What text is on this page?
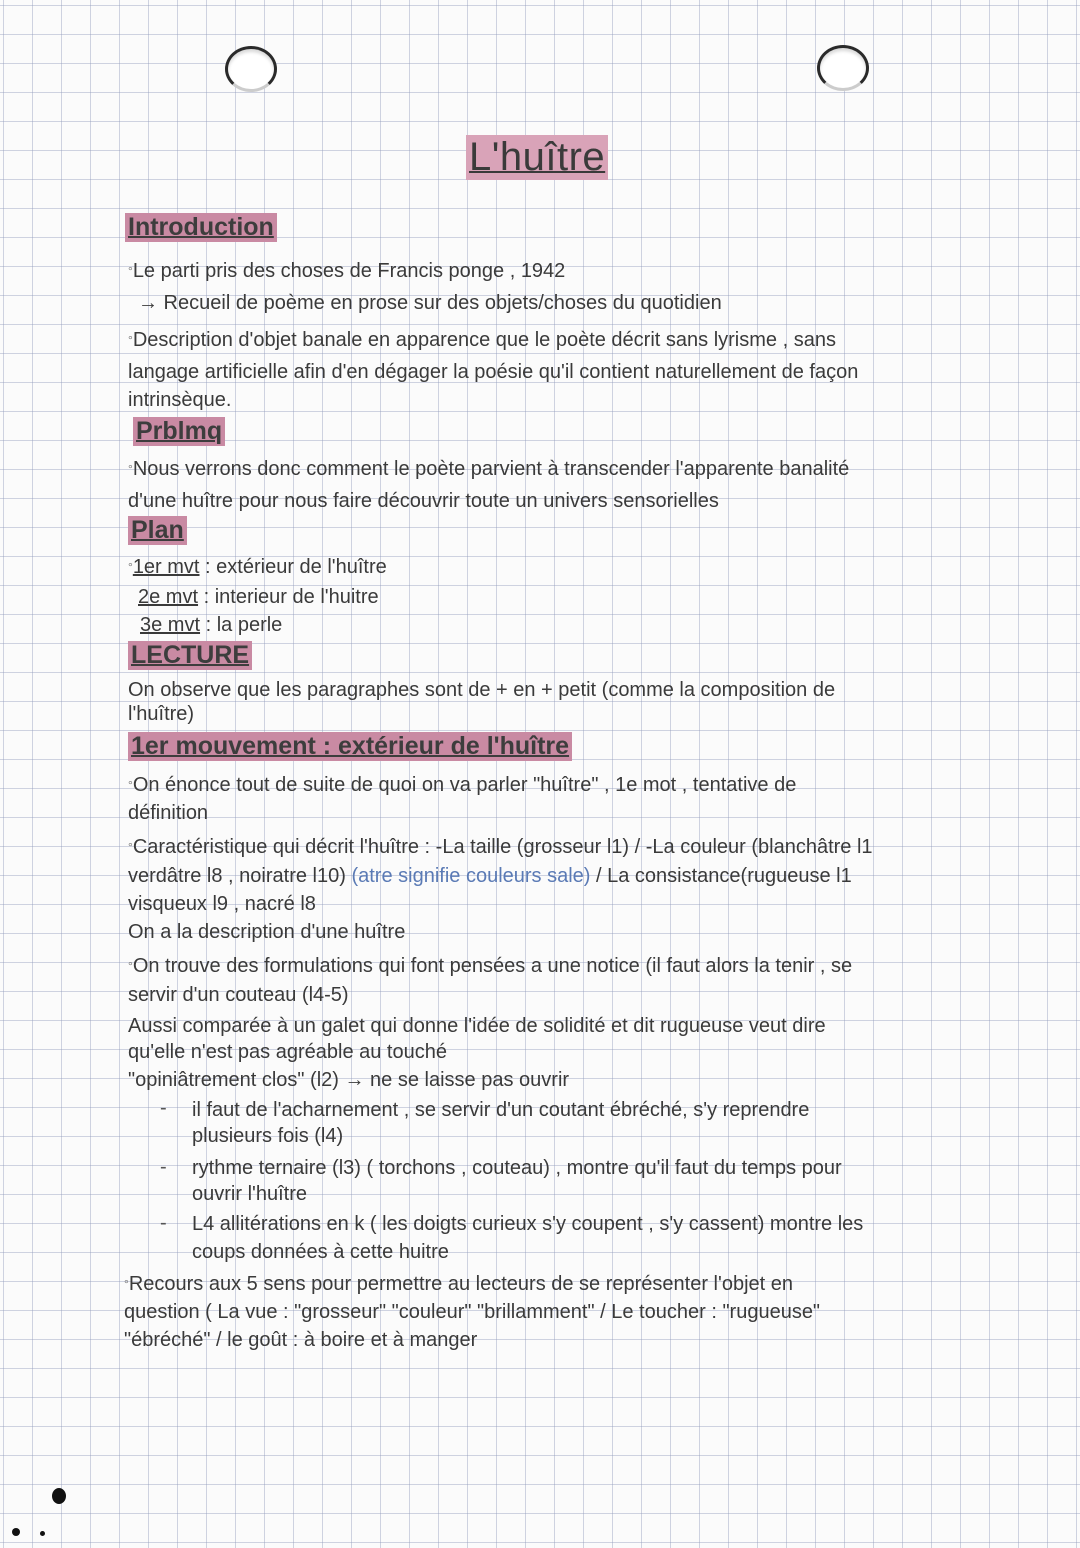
L'huître
Introduction
°Le parti pris des choses de Francis ponge , 1942
→ Recueil de poème en prose sur des objets/choses du quotidien
°Description d'objet banale en apparence que le poète décrit sans lyrisme , sans
langage artificielle afin d'en dégager la poésie qu'il contient naturellement de façon
intrinsèque.
Prblmq
°Nous verrons donc comment le poète parvient à transcender l'apparente banalité
d'une huître pour nous faire découvrir toute un univers sensorielles
Plan
°1er mvt : extérieur de l'huître
2e mvt : interieur de l'huitre
3e mvt : la perle
LECTURE
On observe que les paragraphes sont de + en + petit (comme la composition de
l'huître)
1er mouvement : extérieur de l'huître
°On énonce tout de suite de quoi on va parler "huître" , 1e mot , tentative de
définition
°Caractéristique qui décrit l'huître : -La taille (grosseur l1) / -La couleur (blanchâtre l1
verdâtre l8 , noiratre l10) (atre signifie couleurs sale) / La consistance(rugueuse l1
visqueux l9 , nacré l8
On a la description d'une huître
°On trouve des formulations qui font pensées a une notice (il faut alors la tenir , se
servir d'un couteau (l4-5)
Aussi comparée à un galet qui donne l'idée de solidité et dit rugueuse veut dire
qu'elle n'est pas agréable au touché
"opiniâtrement clos" (l2) → ne se laisse pas ouvrir
- il faut de l'acharnement , se servir d'un coutant ébréché, s'y reprendre
plusieurs fois (l4)
- rythme ternaire (l3) ( torchons , couteau) , montre qu'il faut du temps pour
ouvrir l'huître
- L4 allitérations en k ( les doigts curieux s'y coupent , s'y cassent) montre les
coups données à cette huitre
°Recours aux 5 sens pour permettre au lecteurs de se représenter l'objet en
question ( La vue : "grosseur" "couleur" "brillamment" / Le toucher : "rugueuse"
"ébréché" / le goût : à boire et à manger
